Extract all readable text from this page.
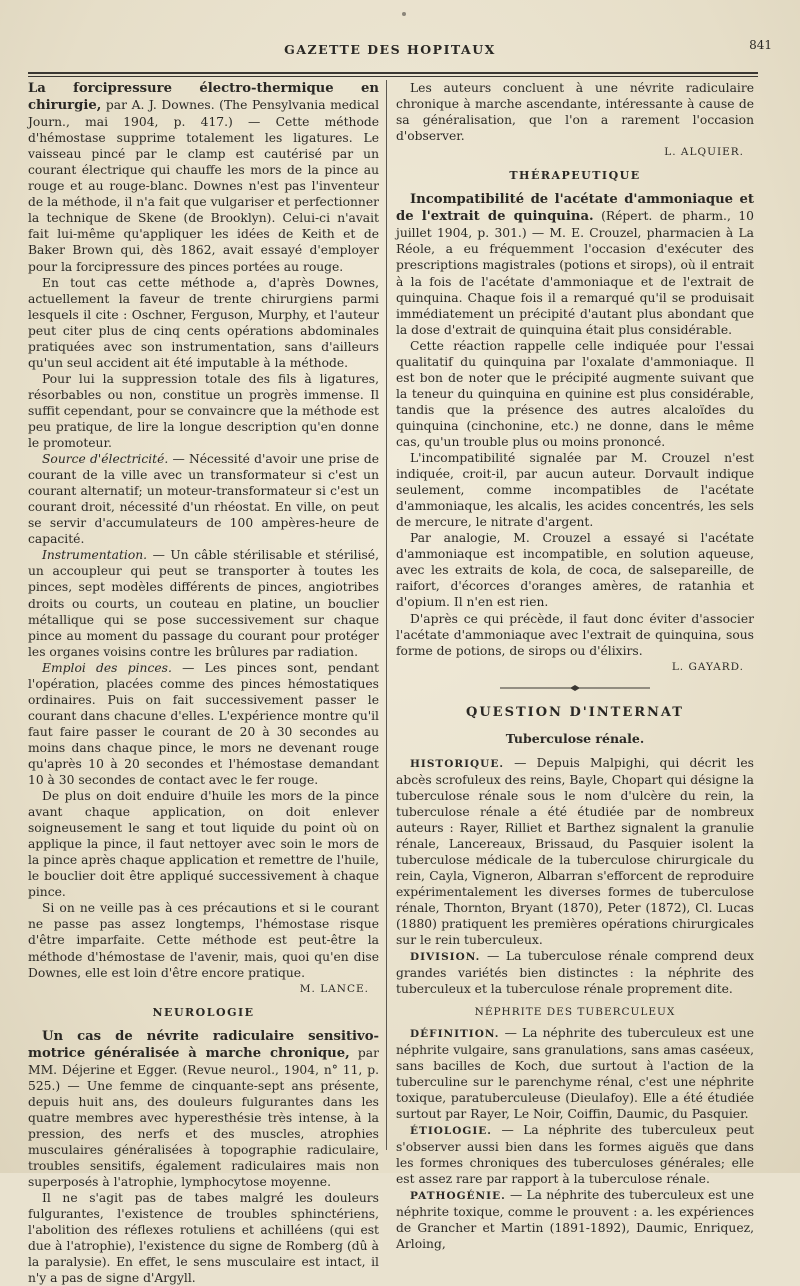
GAZETTE DES HOPITAUX	841

La forcipressure électro-thermique en chirurgie, par A. J. Downes. (The Pensylvania medical Journ., mai 1904, p. 417.) — Cette méthode d'hémostase supprime totalement les ligatures. Le vaisseau pincé par le clamp est cautérisé par un courant électrique qui chauffe les mors de la pince au rouge et au rouge-blanc. Downes n'est pas l'inventeur de la méthode, il n'a fait que vulgariser et perfectionner la technique de Skene (de Brooklyn). Celui-ci n'avait fait lui-même qu'appliquer les idées de Keith et de Baker Brown qui, dès 1862, avait essayé d'employer pour la forcipressure des pinces portées au rouge.

En tout cas cette méthode a, d'après Downes, actuellement la faveur de trente chirurgiens parmi lesquels il cite : Oschner, Ferguson, Murphy, et l'auteur peut citer plus de cinq cents opérations abdominales pratiquées avec son instrumentation, sans d'ailleurs qu'un seul accident ait été imputable à la méthode.

Pour lui la suppression totale des fils à ligatures, résorbables ou non, constitue un progrès immense. Il suffit cependant, pour se convaincre que la méthode est peu pratique, de lire la longue description qu'en donne le promoteur.

Source d'électricité. — Nécessité d'avoir une prise de courant de la ville avec un transformateur si c'est un courant alternatif; un moteur-transformateur si c'est un courant droit, nécessité d'un rhéostat. En ville, on peut se servir d'accumulateurs de 100 ampères-heure de capacité.

Instrumentation. — Un câble stérilisable et stérilisé, un accoupleur qui peut se transporter à toutes les pinces, sept modèles différents de pinces, angiotribes droits ou courts, un couteau en platine, un bouclier métallique qui se pose successivement sur chaque pince au moment du passage du courant pour protéger les organes voisins contre les brûlures par radiation.

Emploi des pinces. — Les pinces sont, pendant l'opération, placées comme des pinces hémostatiques ordinaires. Puis on fait successivement passer le courant dans chacune d'elles. L'expérience montre qu'il faut faire passer le courant de 20 à 30 secondes au moins dans chaque pince, le mors ne devenant rouge qu'après 10 à 20 secondes et l'hémostase demandant 10 à 30 secondes de contact avec le fer rouge.

De plus on doit enduire d'huile les mors de la pince avant chaque application, on doit enlever soigneusement le sang et tout liquide du point où on applique la pince, il faut nettoyer avec soin le mors de la pince après chaque application et remettre de l'huile, le bouclier doit être appliqué successivement à chaque pince.

Si on ne veille pas à ces précautions et si le courant ne passe pas assez longtemps, l'hémostase risque d'être imparfaite. Cette méthode est peut-être la méthode d'hémostase de l'avenir, mais, quoi qu'en dise Downes, elle est loin d'être encore pratique.

M. LANCE.
NEUROLOGIE

Un cas de névrite radiculaire sensitivo-motrice généralisée à marche chronique, par MM. Déjerine et Egger. (Revue neurol., 1904, n° 11, p. 525.) — Une femme de cinquante-sept ans présente, depuis huit ans, des douleurs fulgurantes dans les quatre membres avec hyperesthésie très intense, à la pression, des nerfs et des muscles, atrophies musculaires généralisées à topographie radiculaire, troubles sensitifs, également radiculaires mais non superposés à l'atrophie, lymphocytose moyenne.

Il ne s'agit pas de tabes malgré les douleurs fulgurantes, l'existence de troubles sphinctériens, l'abolition des réflexes rotuliens et achilléens (qui est due à l'atrophie), l'existence du signe de Romberg (dû à la paralysie). En effet, le sens musculaire est intact, il n'y a pas de signe d'Argyll.

Les auteurs concluent à une névrite radiculaire chronique à marche ascendante, intéressante à cause de sa généralisation, que l'on a rarement l'occasion d'observer.

L. ALQUIER.
THÉRAPEUTIQUE

Incompatibilité de l'acétate d'ammoniaque et de l'extrait de quinquina. (Répert. de pharm., 10 juillet 1904, p. 301.) — M. E. Crouzel, pharmacien à La Réole, a eu fréquemment l'occasion d'exécuter des prescriptions magistrales (potions et sirops), où il entrait à la fois de l'acétate d'ammoniaque et de l'extrait de quinquina. Chaque fois il a remarqué qu'il se produisait immédiatement un précipité d'autant plus abondant que la dose d'extrait de quinquina était plus considérable.

Cette réaction rappelle celle indiquée pour l'essai qualitatif du quinquina par l'oxalate d'ammoniaque. Il est bon de noter que le précipité augmente suivant que la teneur du quinquina en quinine est plus considérable, tandis que la présence des autres alcaloïdes du quinquina (cinchonine, etc.) ne donne, dans le même cas, qu'un trouble plus ou moins prononcé.

L'incompatibilité signalée par M. Crouzel n'est indiquée, croit-il, par aucun auteur. Dorvault indique seulement, comme incompatibles de l'acétate d'ammoniaque, les alcalis, les acides concentrés, les sels de mercure, le nitrate d'argent.

Par analogie, M. Crouzel a essayé si l'acétate d'ammoniaque est incompatible, en solution aqueuse, avec les extraits de kola, de coca, de salsepareille, de raifort, d'écorces d'oranges amères, de ratanhia et d'opium. Il n'en est rien.

D'après ce qui précède, il faut donc éviter d'associer l'acétate d'ammoniaque avec l'extrait de quinquina, sous forme de potions, de sirops ou d'élixirs.

L. GAYARD.
QUESTION D'INTERNAT
Tuberculose rénale.

HISTORIQUE. — Depuis Malpighi, qui décrit les abcès scrofuleux des reins, Bayle, Chopart qui désigne la tuberculose rénale sous le nom d'ulcère du rein, la tuberculose rénale a été étudiée par de nombreux auteurs : Rayer, Rilliet et Barthez signalent la granulie rénale, Lancereaux, Brissaud, du Pasquier isolent la tuberculose médicale de la tuberculose chirurgicale du rein, Cayla, Vigneron, Albarran s'efforcent de reproduire expérimentalement les diverses formes de tuberculose rénale, Thornton, Bryant (1870), Peter (1872), Cl. Lucas (1880) pratiquent les premières opérations chirurgicales sur le rein tuberculeux.

DIVISION. — La tuberculose rénale comprend deux grandes variétés bien distinctes : la néphrite des tuberculeux et la tuberculose rénale proprement dite.

NÉPHRITE DES TUBERCULEUX

DÉFINITION. — La néphrite des tuberculeux est une néphrite vulgaire, sans granulations, sans amas caséeux, sans bacilles de Koch, due surtout à l'action de la tuberculine sur le parenchyme rénal, c'est une néphrite toxique, paratuberculeuse (Dieulafoy). Elle a été étudiée surtout par Rayer, Le Noir, Coiffin, Daumic, du Pasquier.

ÉTIOLOGIE. — La néphrite des tuberculeux peut s'observer aussi bien dans les formes aiguës que dans les formes chroniques des tuberculoses générales; elle est assez rare par rapport à la tuberculose rénale.

PATHOGÉNIE. — La néphrite des tuberculeux est une néphrite toxique, comme le prouvent : a. les expériences de Grancher et Martin (1891-1892), Daumic, Enriquez, Arloing,
